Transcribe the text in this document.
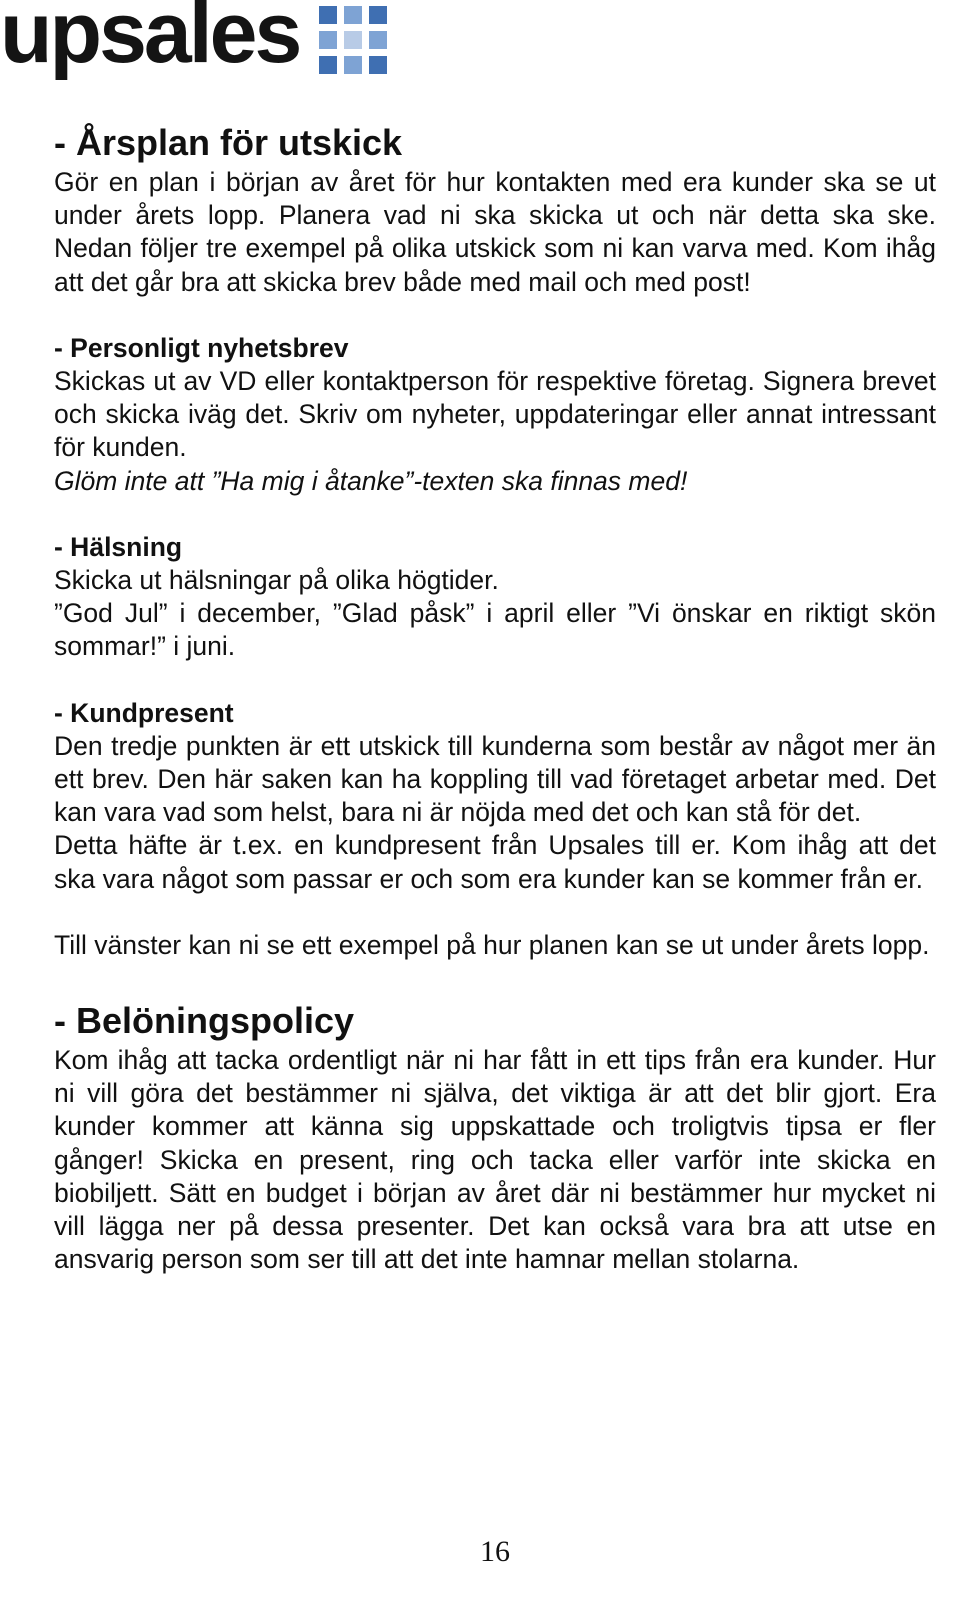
upsales
- Årsplan för utskick

Gör en plan i början av året för hur kontakten med era kunder ska se ut under årets lopp. Planera vad ni ska skicka ut och när detta ska ske. Nedan följer tre exempel på olika utskick som ni kan varva med. Kom ihåg att det går bra att skicka brev både med mail och med post!

- Personligt nyhetsbrev

Skickas ut av VD eller kontaktperson för respektive företag. Signera brevet och skicka iväg det. Skriv om nyheter, uppdateringar eller annat intressant för kunden.

Glöm inte att ”Ha mig i åtanke”-texten ska finnas med!

- Hälsning

Skicka ut hälsningar på olika högtider.

”God Jul” i december, ”Glad påsk” i april eller ”Vi önskar en riktigt skön sommar!” i juni.

- Kundpresent

Den tredje punkten är ett utskick till kunderna som består av något mer än ett brev. Den här saken kan ha koppling till vad företaget arbetar med. Det kan vara vad som helst, bara ni är nöjda med det och kan stå för det.

Detta häfte är t.ex. en kundpresent från Upsales till er. Kom ihåg att det ska vara något som passar er och som era kunder kan se kommer från er.

Till vänster kan ni se ett exempel på hur planen kan se ut under årets lopp.

- Belöningspolicy

Kom ihåg att tacka ordentligt när ni har fått in ett tips från era kunder. Hur ni vill göra det bestämmer ni själva, det viktiga är att det blir gjort. Era kunder kommer att känna sig uppskattade och troligtvis tipsa er fler gånger! Skicka en present, ring och tacka eller varför inte skicka en biobiljett. Sätt en budget i början av året där ni bestämmer hur mycket ni vill lägga ner på dessa presenter. Det kan också vara bra att utse en ansvarig person som ser till att det inte hamnar mellan stolarna.

16
